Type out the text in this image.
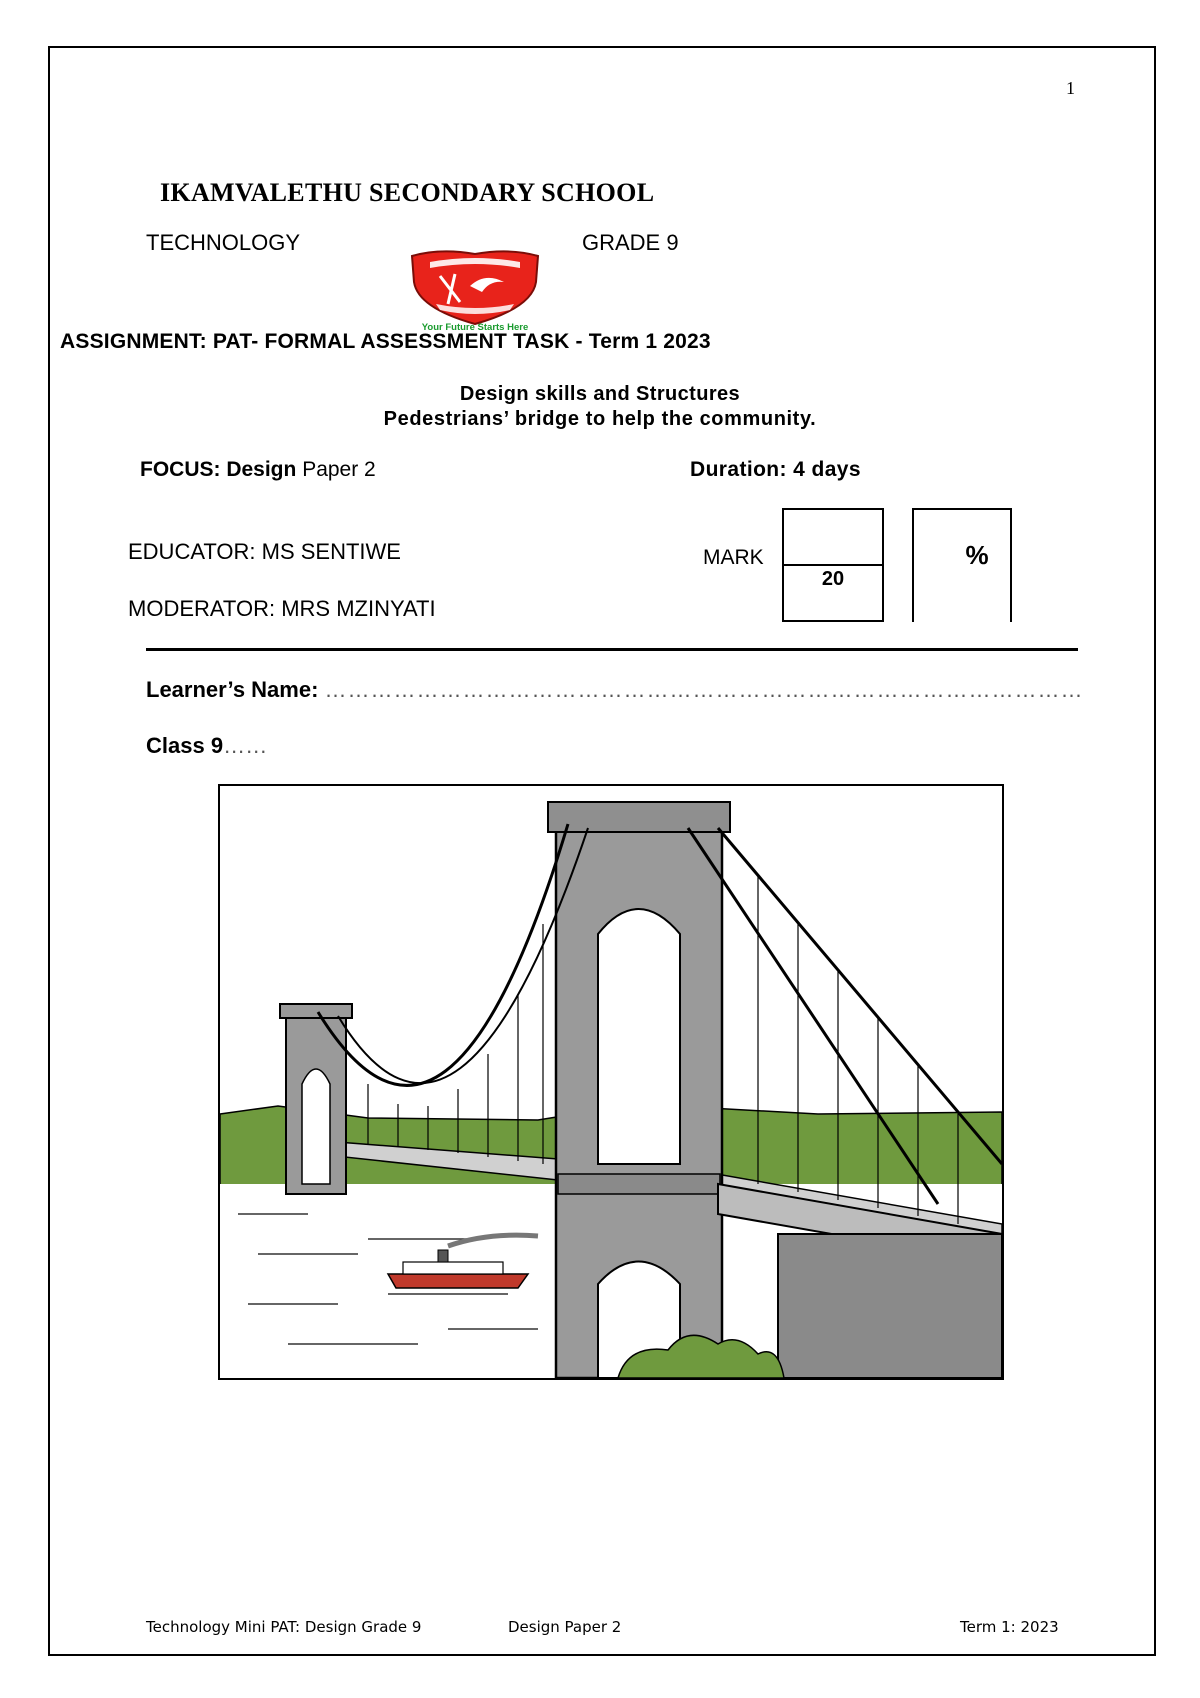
1
IKAMVALETHU SECONDARY SCHOOL
TECHNOLOGY	GRADE 9
ASSIGNMENT: PAT- FORMAL ASSESSMENT TASK - Term 1 2023
Your Future Starts Here
Design skills and Structures
Pedestrians’ bridge to help the community.
FOCUS: Design Paper 2	Duration: 4 days
EDUCATOR: MS SENTIWE
MODERATOR: MRS MZINYATI
MARK
20
%
Learner’s Name: ………………………………………………………………………………………
Class 9…...
Technology Mini PAT: Design Grade 9	Design Paper 2	Term 1: 2023
